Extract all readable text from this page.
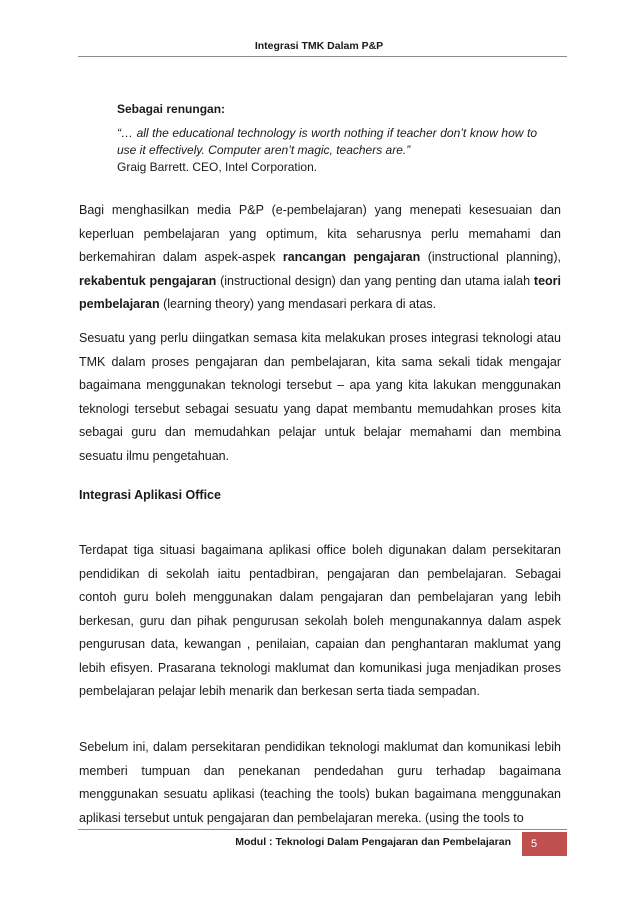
Integrasi TMK Dalam P&P
Sebagai renungan:
“… all the educational technology is worth nothing if teacher don’t know how to use it effectively. Computer aren’t magic, teachers are.”
Graig Barrett. CEO, Intel Corporation.
Bagi menghasilkan media P&P (e-pembelajaran) yang menepati kesesuaian dan keperluan pembelajaran yang optimum, kita seharusnya perlu memahami dan berkemahiran dalam aspek-aspek rancangan pengajaran (instructional planning), rekabentuk pengajaran (instructional design) dan yang penting dan utama ialah teori pembelajaran (learning theory) yang mendasari perkara di atas.
Sesuatu yang perlu diingatkan semasa kita melakukan proses integrasi teknologi atau TMK dalam proses pengajaran dan pembelajaran, kita sama sekali tidak mengajar bagaimana menggunakan teknologi tersebut – apa yang kita lakukan menggunakan teknologi tersebut sebagai sesuatu yang dapat membantu memudahkan proses kita sebagai guru dan memudahkan pelajar untuk belajar memahami dan membina sesuatu ilmu pengetahuan.
Integrasi Aplikasi Office
Terdapat tiga situasi bagaimana aplikasi office boleh digunakan dalam persekitaran pendidikan di sekolah iaitu pentadbiran, pengajaran dan pembelajaran. Sebagai contoh guru boleh menggunakan dalam pengajaran dan pembelajaran yang lebih berkesan, guru dan pihak pengurusan sekolah boleh mengunakannya dalam aspek pengurusan data, kewangan , penilaian, capaian dan penghantaran maklumat yang lebih efisyen. Prasarana teknologi maklumat dan komunikasi juga menjadikan proses pembelajaran pelajar lebih menarik dan berkesan serta tiada sempadan.
Sebelum ini, dalam persekitaran pendidikan teknologi maklumat dan komunikasi lebih memberi tumpuan dan penekanan pendedahan guru terhadap bagaimana menggunakan sesuatu aplikasi (teaching the tools) bukan bagaimana menggunakan aplikasi tersebut untuk pengajaran dan pembelajaran mereka. (using the tools to
Modul : Teknologi Dalam Pengajaran dan Pembelajaran	5
